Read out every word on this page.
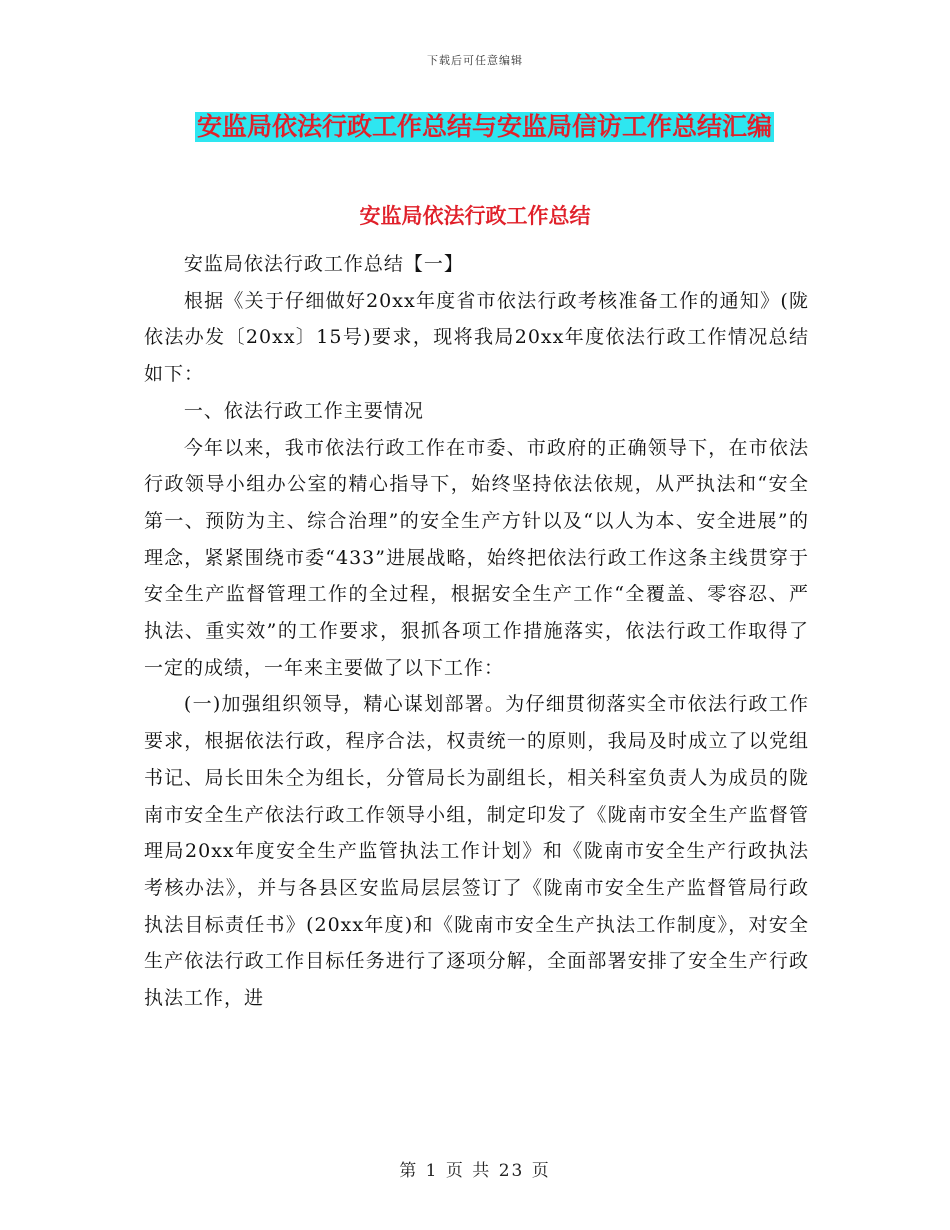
下载后可任意编辑
安监局依法行政工作总结与安监局信访工作总结汇编
安监局依法行政工作总结

安监局依法行政工作总结【一】

根据《关于仔细做好20xx年度省市依法行政考核准备工作的通知》(陇依法办发〔20xx〕15号)要求，现将我局20xx年度依法行政工作情况总结如下：

一、依法行政工作主要情况

今年以来，我市依法行政工作在市委、市政府的正确领导下，在市依法行政领导小组办公室的精心指导下，始终坚持依法依规，从严执法和“安全第一、预防为主、综合治理”的安全生产方针以及“以人为本、安全进展”的理念，紧紧围绕市委“433”进展战略，始终把依法行政工作这条主线贯穿于安全生产监督管理工作的全过程，根据安全生产工作“全覆盖、零容忍、严执法、重实效”的工作要求，狠抓各项工作措施落实，依法行政工作取得了一定的成绩，一年来主要做了以下工作：

(一)加强组织领导，精心谋划部署。为仔细贯彻落实全市依法行政工作要求，根据依法行政，程序合法，权责统一的原则，我局及时成立了以党组书记、局长田朱仝为组长，分管局长为副组长，相关科室负责人为成员的陇南市安全生产依法行政工作领导小组，制定印发了《陇南市安全生产监督管理局20xx年度安全生产监管执法工作计划》和《陇南市安全生产行政执法考核办法》，并与各县区安监局层层签订了《陇南市安全生产监督管局行政执法目标责任书》(20xx年度)和《陇南市安全生产执法工作制度》，对安全生产依法行政工作目标任务进行了逐项分解，全面部署安排了安全生产行政执法工作，进

第 1 页 共 23 页
